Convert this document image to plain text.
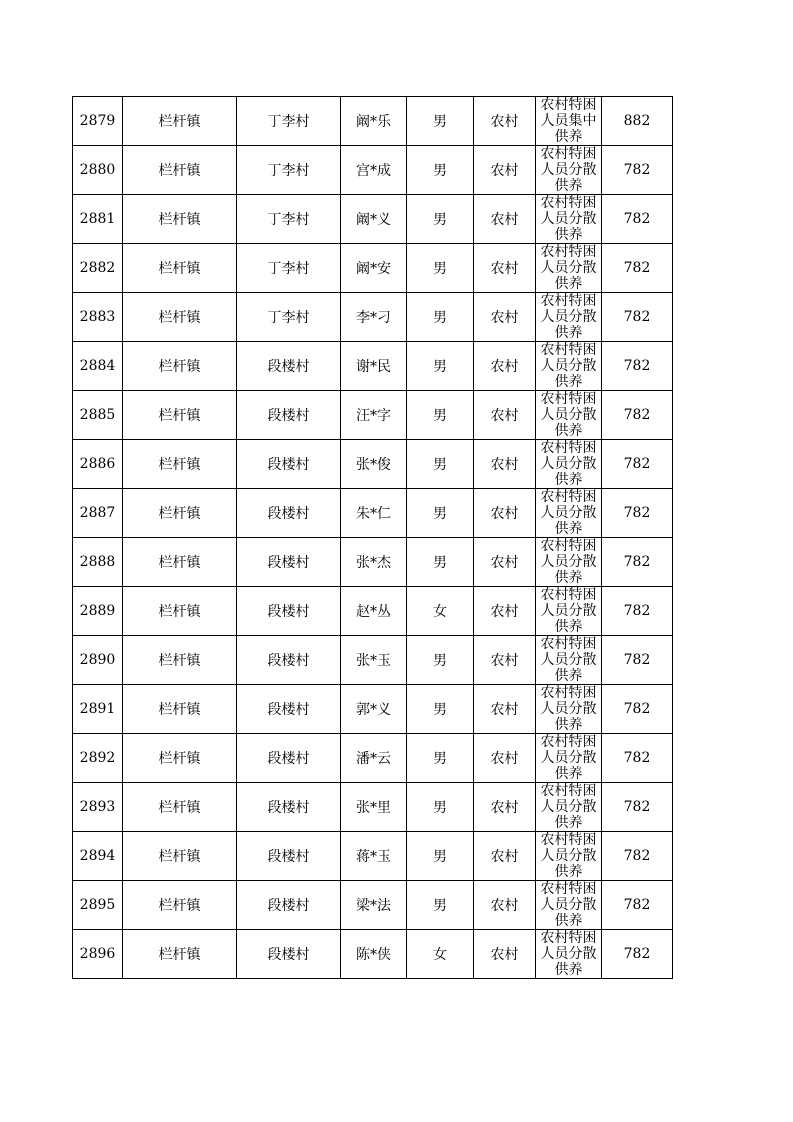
2879	栏杆镇	丁李村	阚*乐	男	农村	农村特困人员集中供养	882
2880	栏杆镇	丁李村	宫*成	男	农村	农村特困人员分散供养	782
2881	栏杆镇	丁李村	阚*义	男	农村	农村特困人员分散供养	782
2882	栏杆镇	丁李村	阚*安	男	农村	农村特困人员分散供养	782
2883	栏杆镇	丁李村	李*刁	男	农村	农村特困人员分散供养	782
2884	栏杆镇	段楼村	谢*民	男	农村	农村特困人员分散供养	782
2885	栏杆镇	段楼村	汪*字	男	农村	农村特困人员分散供养	782
2886	栏杆镇	段楼村	张*俊	男	农村	农村特困人员分散供养	782
2887	栏杆镇	段楼村	朱*仁	男	农村	农村特困人员分散供养	782
2888	栏杆镇	段楼村	张*杰	男	农村	农村特困人员分散供养	782
2889	栏杆镇	段楼村	赵*丛	女	农村	农村特困人员分散供养	782
2890	栏杆镇	段楼村	张*玉	男	农村	农村特困人员分散供养	782
2891	栏杆镇	段楼村	郭*义	男	农村	农村特困人员分散供养	782
2892	栏杆镇	段楼村	潘*云	男	农村	农村特困人员分散供养	782
2893	栏杆镇	段楼村	张*里	男	农村	农村特困人员分散供养	782
2894	栏杆镇	段楼村	蒋*玉	男	农村	农村特困人员分散供养	782
2895	栏杆镇	段楼村	梁*法	男	农村	农村特困人员分散供养	782
2896	栏杆镇	段楼村	陈*侠	女	农村	农村特困人员分散供养	782
